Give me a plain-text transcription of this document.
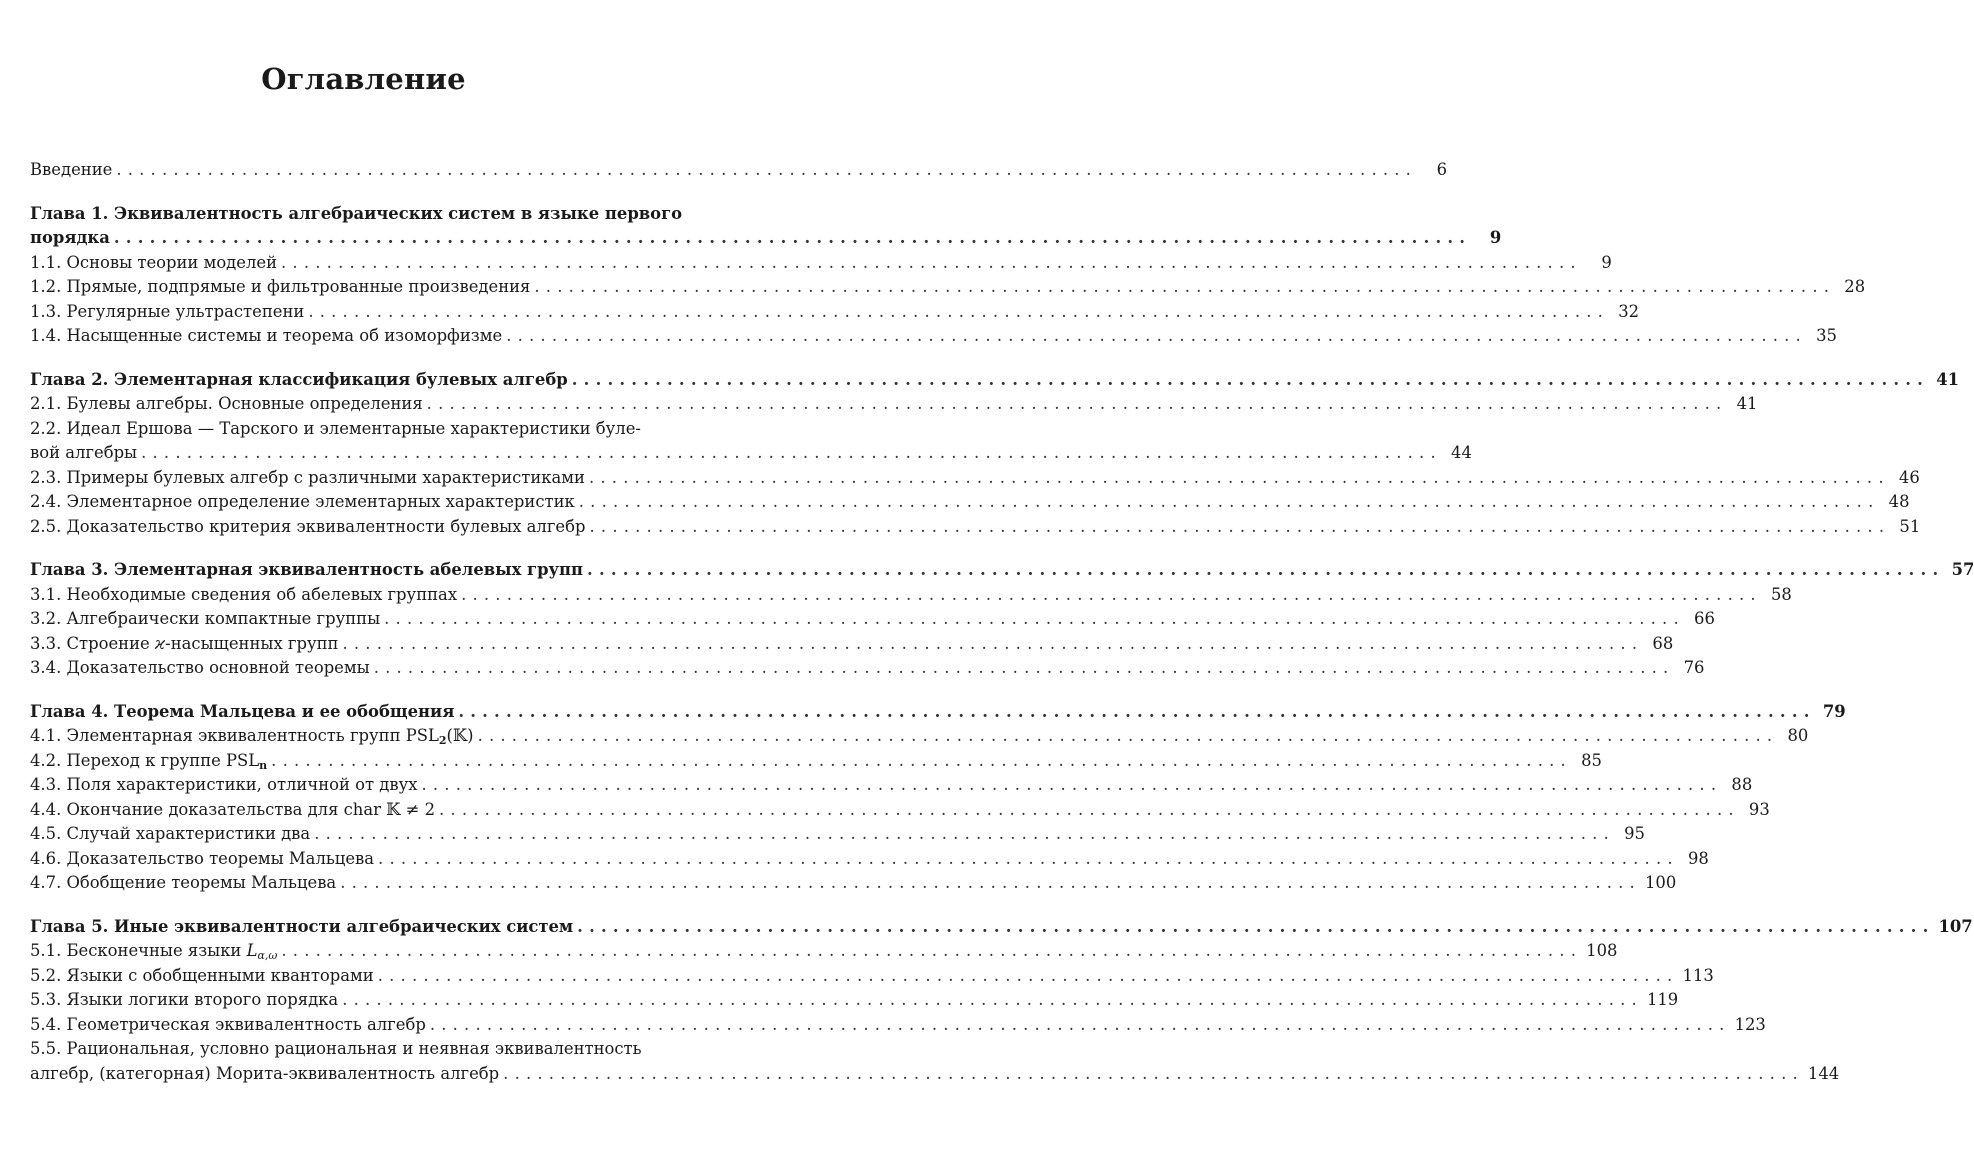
Оглавление
Введение ..................................................................................................................	6
Глава 1. Эквивалентность алгебраических систем в языке первого
порядка ..................................................................................................................	9
1.1. Основы теории моделей ..................................................................................................................	9
1.2. Прямые, подпрямые и фильтрованные произведения .................................................................................................................. 28
1.3. Регулярные ультрастепени .................................................................................................................. 32
1.4. Насыщенные системы и теорема об изоморфизме .................................................................................................................. 35
Глава 2. Элементарная классификация булевых алгебр .................................................................................................................. 41
2.1. Булевы алгебры. Основные определения .................................................................................................................. 41
2.2. Идеал Ершова — Тарского и элементарные характеристики буле-
вой алгебры .................................................................................................................. 44
2.3. Примеры булевых алгебр с различными характеристиками .................................................................................................................. 46
2.4. Элементарное определение элементарных характеристик .................................................................................................................. 48
2.5. Доказательство критерия эквивалентности булевых алгебр .................................................................................................................. 51
Глава 3. Элементарная эквивалентность абелевых групп .................................................................................................................. 57
3.1. Необходимые сведения об абелевых группах .................................................................................................................. 58
3.2. Алгебраически компактные группы .................................................................................................................. 66
3.3. Строение ϰ-насыщенных групп .................................................................................................................. 68
3.4. Доказательство основной теоремы .................................................................................................................. 76
Глава 4. Теорема Мальцева и ее обобщения .................................................................................................................. 79
4.1. Элементарная эквивалентность групп $PSL_2(𝕂)$ .................................................................................................................. 80
4.2. Переход к группе $PSL_n$ .................................................................................................................. 85
4.3. Поля характеристики, отличной от двух .................................................................................................................. 88
4.4. Окончание доказательства для char 𝕂 ≠ 2 .................................................................................................................. 93
4.5. Случай характеристики два .................................................................................................................. 95
4.6. Доказательство теоремы Мальцева .................................................................................................................. 98
4.7. Обобщение теоремы Мальцева .................................................................................................................. 100
Глава 5. Иные эквивалентности алгебраических систем .................................................................................................................. 107
5.1. Бесконечные языки Lα,ω .................................................................................................................. 108
5.2. Языки с обобщенными кванторами .................................................................................................................. 113
5.3. Языки логики второго порядка .................................................................................................................. 119
5.4. Геометрическая эквивалентность алгебр .................................................................................................................. 123
5.5. Рациональная, условно рациональная и неявная эквивалентность
алгебр, (категорная) Морита-эквивалентность алгебр .................................................................................................................. 144
